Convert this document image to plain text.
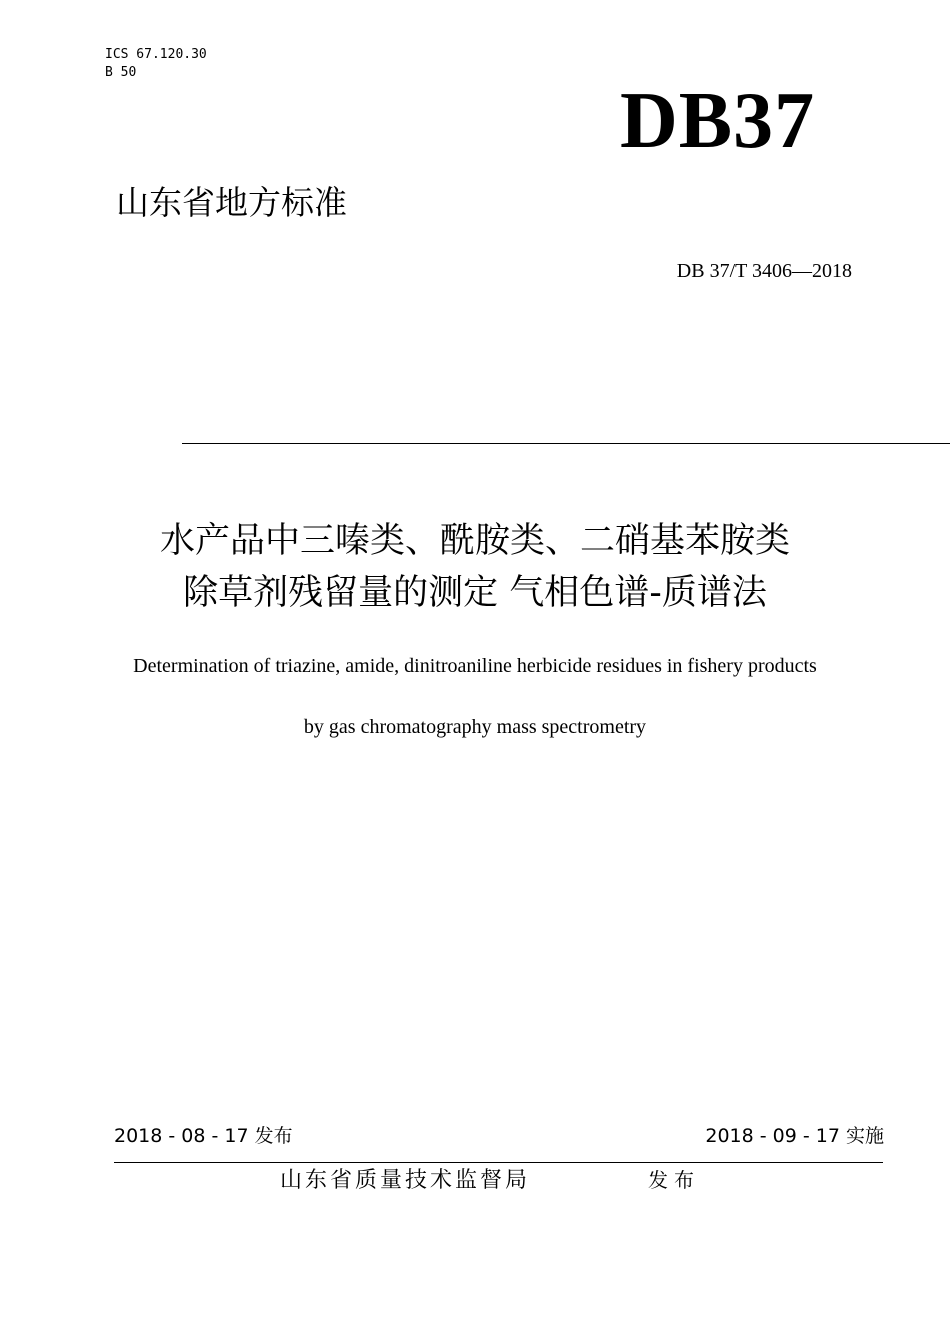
ICS 67.120.30
B 50
DB37
山东省地方标准
DB 37/T 3406—2018
水产品中三嗪类、酰胺类、二硝基苯胺类
除草剂残留量的测定 气相色谱-质谱法
Determination of triazine, amide, dinitroaniline herbicide residues in fishery products
by gas chromatography mass spectrometry
2018 - 08 - 17 发布	2018 - 09 - 17 实施
山东省质量技术监督局	发布
